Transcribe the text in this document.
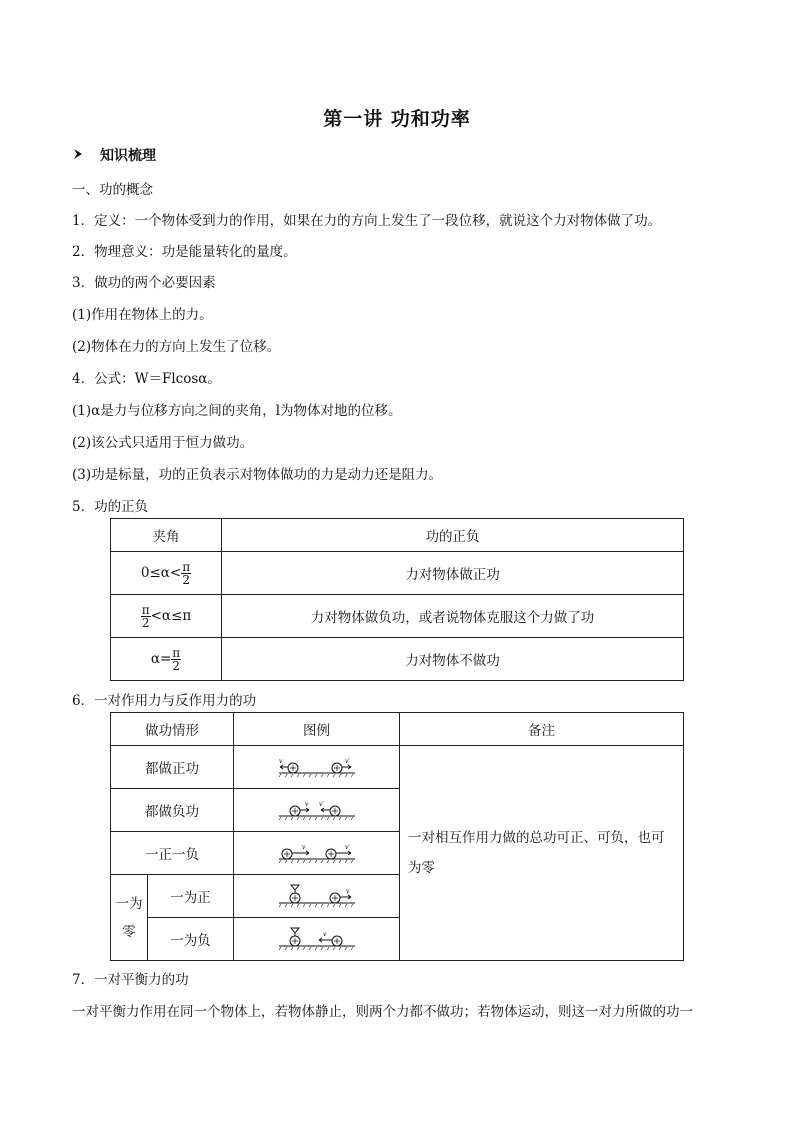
第一讲 功和功率
知识梳理
一、功的概念
1．定义：一个物体受到力的作用，如果在力的方向上发生了一段位移，就说这个力对物体做了功。
2．物理意义：功是能量转化的量度。
3．做功的两个必要因素
(1)作用在物体上的力。
(2)物体在力的方向上发生了位移。
4．公式：W＝Flcosα。
(1)α是力与位移方向之间的夹角，l为物体对地的位移。
(2)该公式只适用于恒力做功。
(3)功是标量，功的正负表示对物体做功的力是动力还是阻力。
5．功的正负
夹角	功的正负
$0\le\alpha< \frac{\pi}{2}$	力对物体做正功

$\frac{\pi}{2} <\alpha\le\pi$	力对物体做负功，或者说物体克服这个力做了功
$\alpha= \frac{\pi}{2}$	力对物体不做功
6．一对作用力与反作用力的功
做功情形		图例	备注
都做正功		v v′	一对相互作用力做的总功可正、可负，也可为零
都做负功		v v′	

一正一负		v v′	

一为零	一为正	v	

	一为负	v	
7．一对平衡力的功
一对平衡力作用在同一个物体上，若物体静止，则两个力都不做功；若物体运动，则这一对力所做的功一
